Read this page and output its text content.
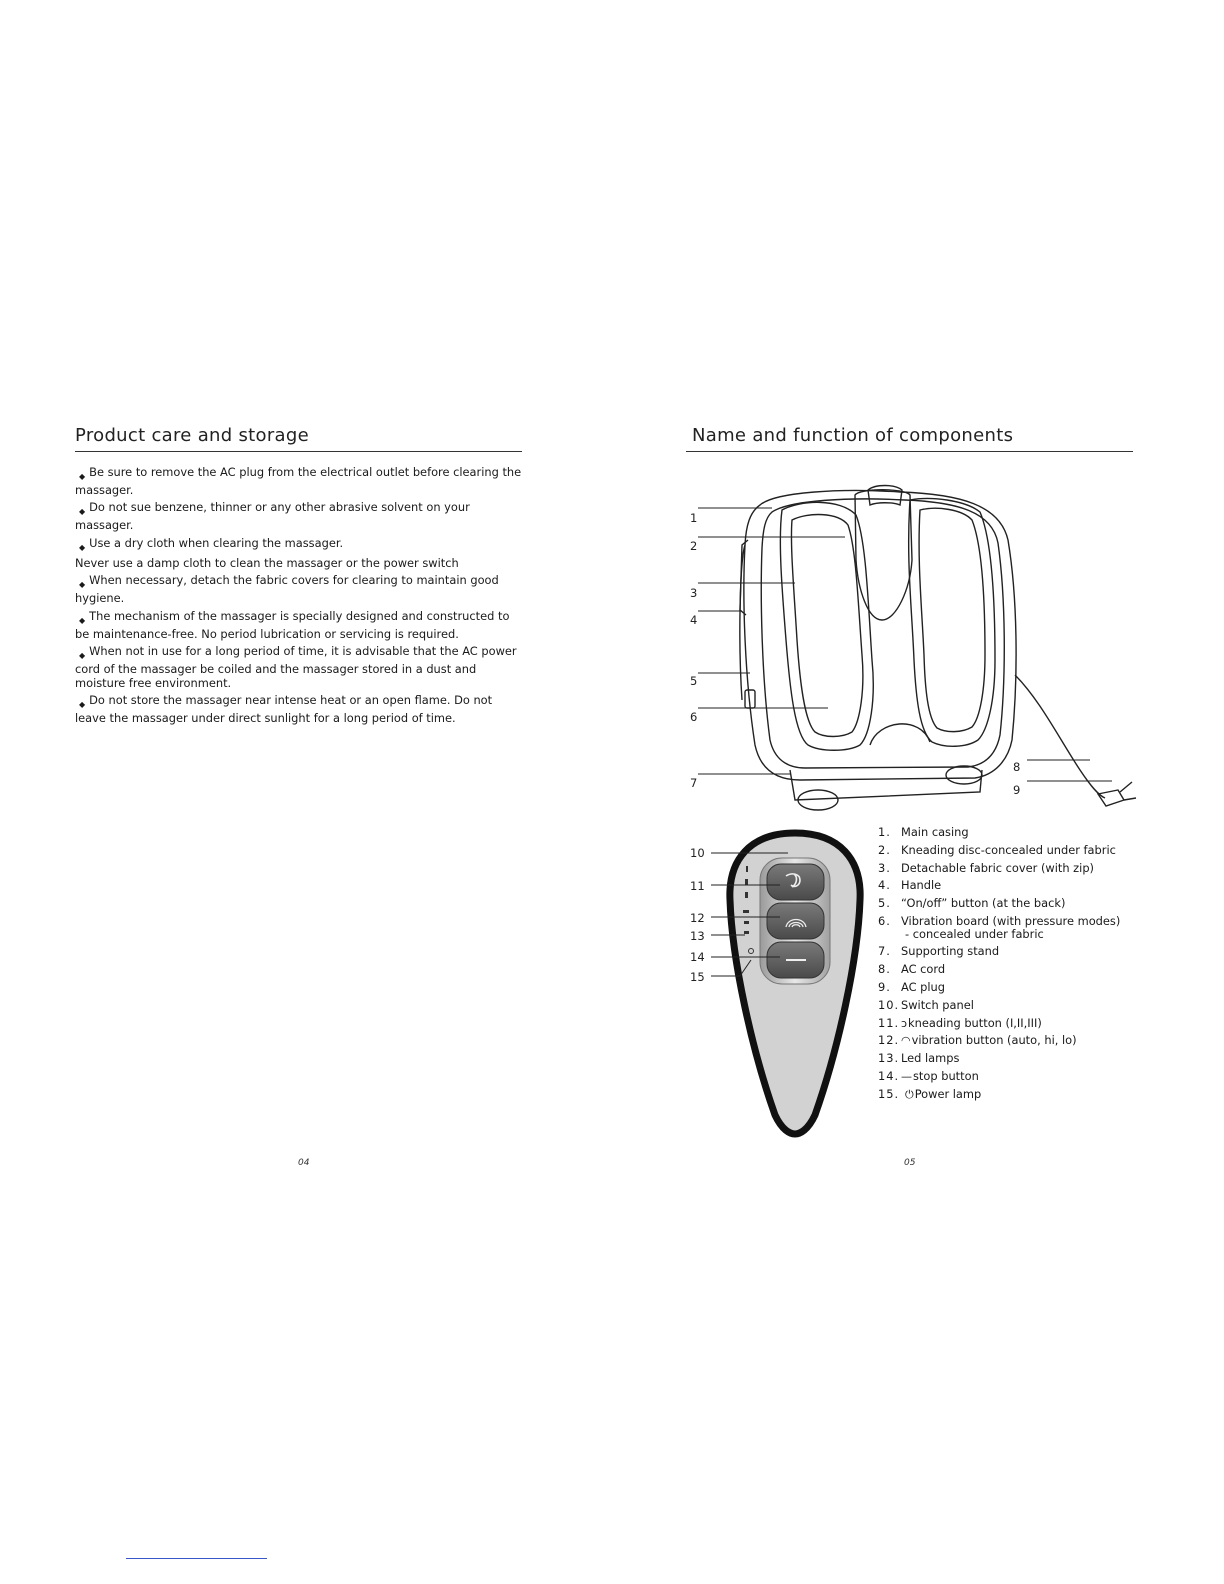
Product care and storage
◆ Be sure to remove the AC plug from the electrical outlet before clearing the massager.
◆ Do not sue benzene, thinner or any other abrasive solvent on your massager.
◆ Use a dry cloth when clearing the massager.
Never use a damp cloth to clean the massager or the power switch
◆ When necessary, detach the fabric covers for clearing to maintain good hygiene.
◆ The mechanism of the massager is specially designed and constructed to be maintenance-free. No period lubrication or servicing is required.
◆ When not in use for a long period of time, it is advisable that the AC power cord of the massager be coiled and the massager stored in a dust and moisture free environment.
◆ Do not store the massager near intense heat or an open flame. Do not leave the massager under direct sunlight for a long period of time.
04
Name and function of components
05
1
2
3
4
5
6
7
8
9
10
11
12
13
14
15
1. Main casing
2. Kneading disc-concealed under fabric
3. Detachable fabric cover (with zip)
4. Handle
5. “On/off” button (at the back)
6. Vibration board (with pressure modes)
- concealed under fabric
7. Supporting stand
8. AC cord
9. AC plug
10. Switch panel
11. ↄkneading button (I,II,III)
12. ◠vibration button (auto, hi, lo)
13. Led lamps
14. —stop button
15. ⏻Power lamp
